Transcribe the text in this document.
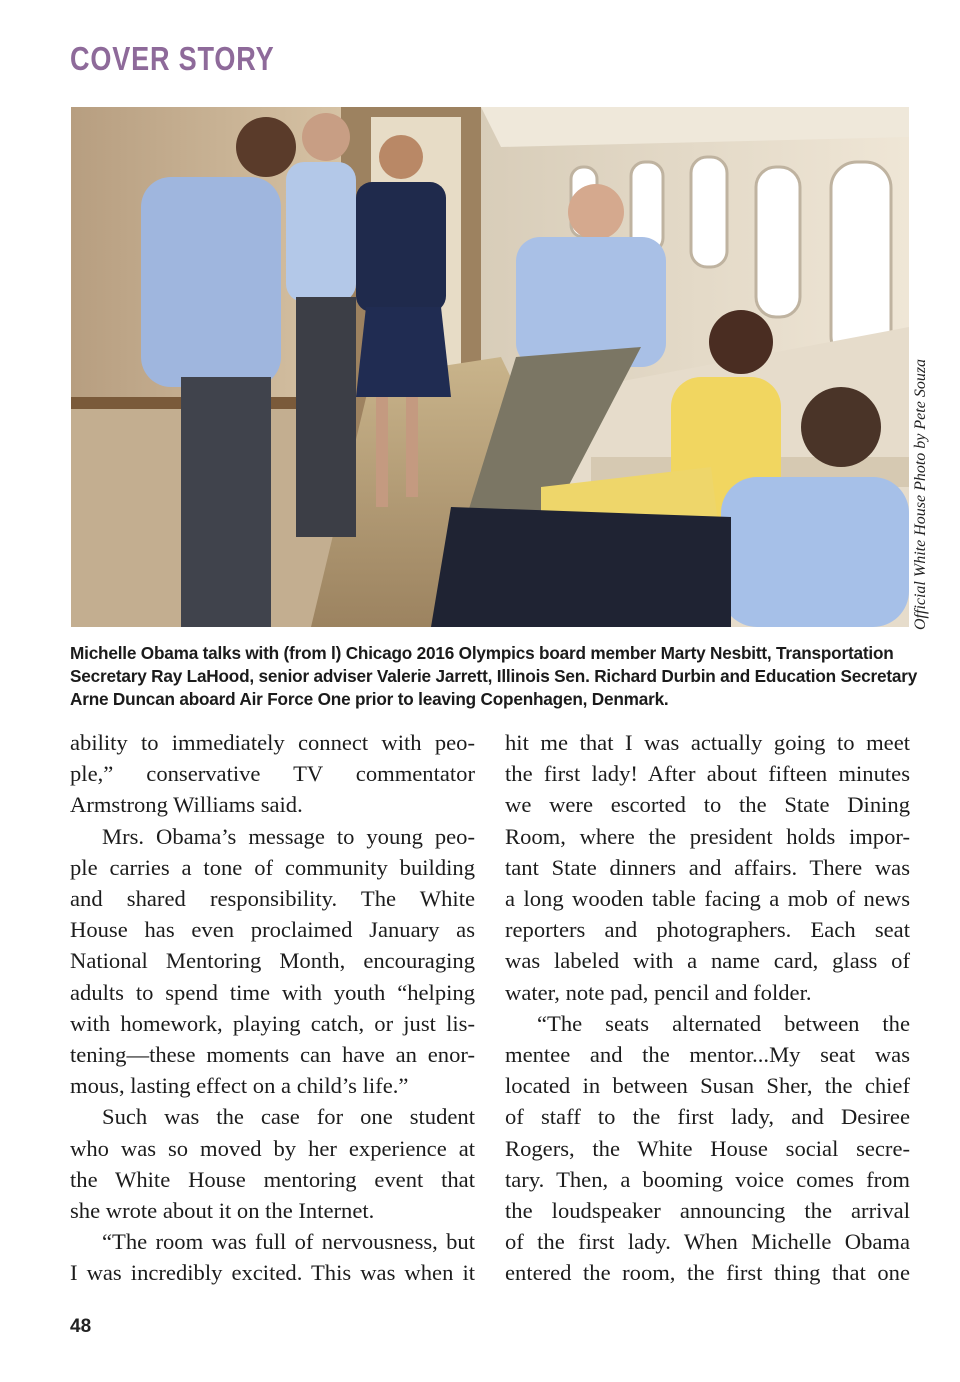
COVER STORY
Official White House Photo by Pete Souza
Michelle Obama talks with (from l) Chicago 2016 Olympics board member Marty Nesbitt, Transportation
Secretary Ray LaHood, senior adviser Valerie Jarrett, Illinois Sen. Richard Durbin and Education Secretary
Arne Duncan aboard Air Force One prior to leaving Copenhagen, Denmark.
ability to immediately connect with peo-
ple,” conservative TV commentator
Armstrong Williams said.
Mrs. Obama’s message to young peo-
ple carries a tone of community building
and shared responsibility. The White
House has even proclaimed January as
National Mentoring Month, encouraging
adults to spend time with youth “helping
with homework, playing catch, or just lis-
tening—these moments can have an enor-
mous, lasting effect on a child’s life.”
Such was the case for one student
who was so moved by her experience at
the White House mentoring event that
she wrote about it on the Internet.
“The room was full of nervousness, but
I was incredibly excited. This was when it
hit me that I was actually going to meet
the first lady! After about fifteen minutes
we were escorted to the State Dining
Room, where the president holds impor-
tant State dinners and affairs. There was
a long wooden table facing a mob of news
reporters and photographers. Each seat
was labeled with a name card, glass of
water, note pad, pencil and folder.
“The seats alternated between the
mentee and the mentor...My seat was
located in between Susan Sher, the chief
of staff to the first lady, and Desiree
Rogers, the White House social secre-
tary. Then, a booming voice comes from
the loudspeaker announcing the arrival
of the first lady. When Michelle Obama
entered the room, the first thing that one
48
